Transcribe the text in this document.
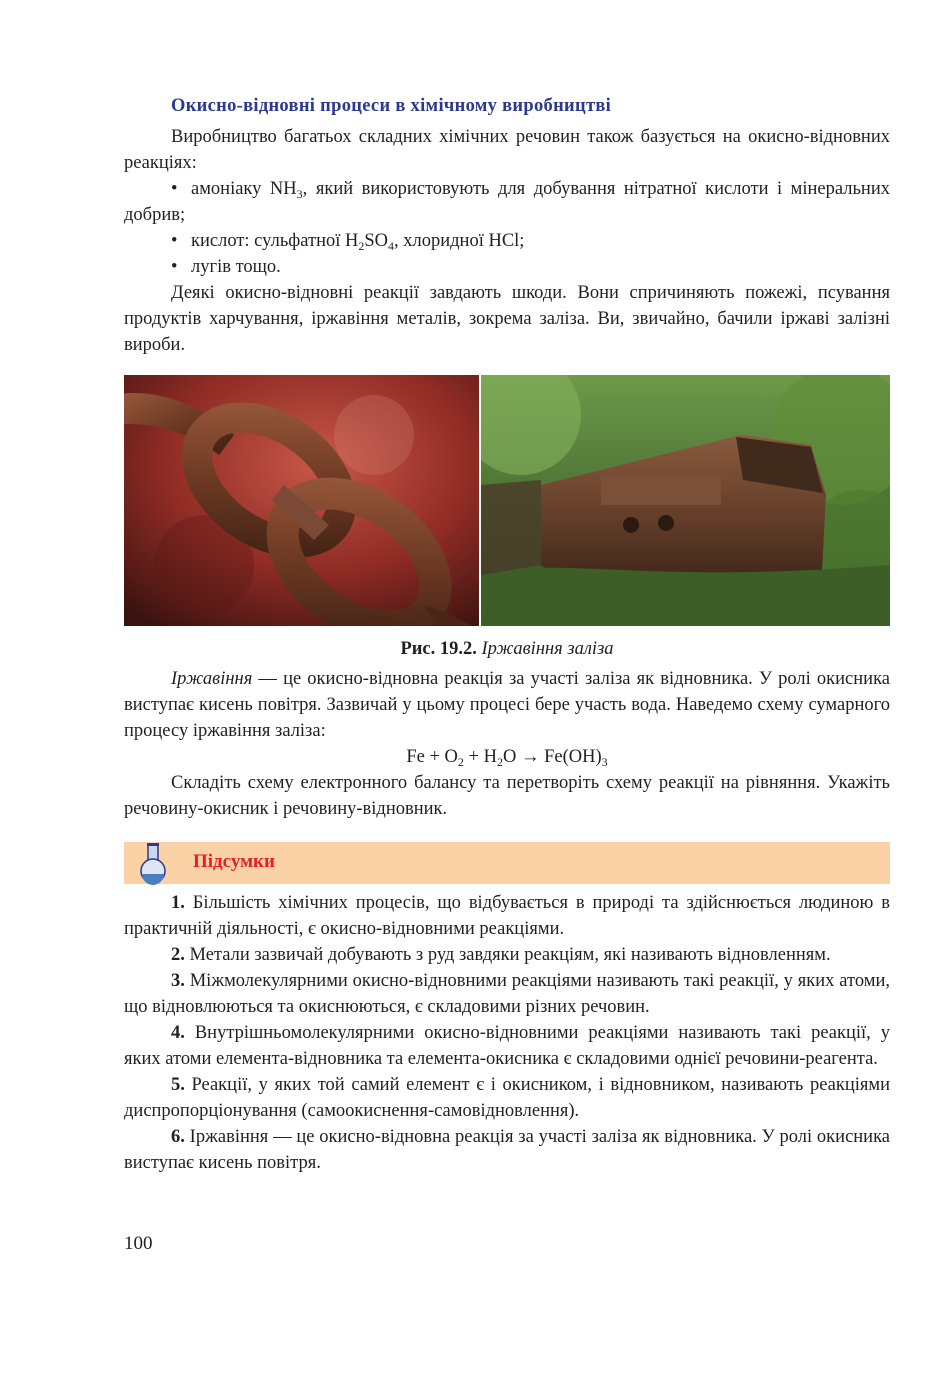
Окисно-відновні процеси в хімічному виробництві

Виробництво багатьох складних хімічних речовин також базується на окисно-відновних реакціях:

• амоніаку $NH_3$, який використовують для добування нітратної кислоти і мінеральних добрив;

• кислот: сульфатної $H_2SO_4$, хлоридної HCl;

• лугів тощо.

Деякі окисно-відновні реакції завдають шкоди. Вони спричиняють пожежі, псування продуктів харчування, іржавіння металів, зокрема заліза. Ви, звичайно, бачили іржаві залізні вироби.

Рис. 19.2. Іржавіння заліза

Іржавіння — це окисно-відновна реакція за участі заліза як відновника. У ролі окисника виступає кисень повітря. Зазвичай у цьому процесі бере участь вода. Наведемо схему сумарного процесу іржавіння заліза:

$Fe + O_2 + H_2O \to Fe(OH)_3$

Складіть схему електронного балансу та перетворіть схему реакції на рівняння. Укажіть речовину-окисник і речовину-відновник.

Підсумки

1. Більшість хімічних процесів, що відбувається в природі та здійснюється людиною в практичній діяльності, є окисно-відновними реакціями.

2. Метали зазвичай добувають з руд завдяки реакціям, які називають відновленням.

3. Міжмолекулярними окисно-відновними реакціями називають такі реакції, у яких атоми, що відновлюються та окиснюються, є складовими різних речовин.

4. Внутрішньомолекулярними окисно-відновними реакціями називають такі реакції, у яких атоми елемента-відновника та елемента-окисника є складовими однієї речовини-реагента.

5. Реакції, у яких той самий елемент є і окисником, і відновником, називають реакціями диспропорціонування (самоокиснення-самовідновлення).

6. Іржавіння — це окисно-відновна реакція за участі заліза як відновника. У ролі окисника виступає кисень повітря.

100
